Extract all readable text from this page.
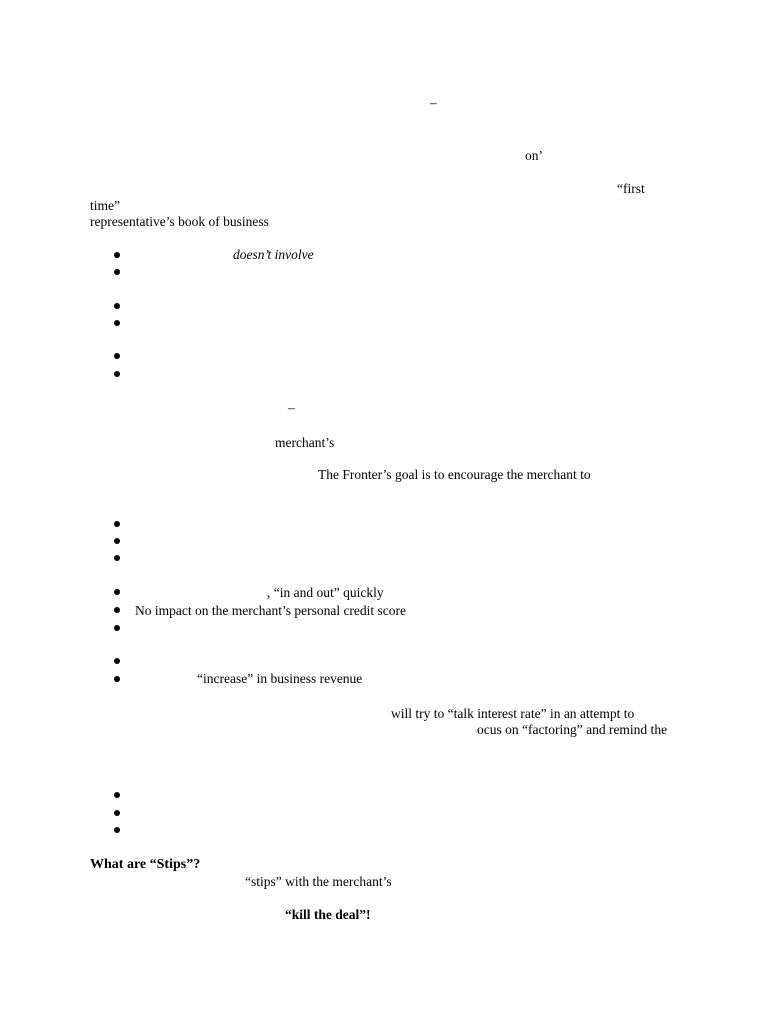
–
on’
“first
time”
representative’s book of business
doesn’t involve
–
merchant’s
The Fronter’s goal is to encourage the merchant to
, “in and out” quickly
No impact on the merchant’s personal credit score
“increase” in business revenue
will try to “talk interest rate” in an attempt to
ocus on “factoring” and remind the
What are “Stips”?
“stips” with the merchant’s
“kill the deal”!
